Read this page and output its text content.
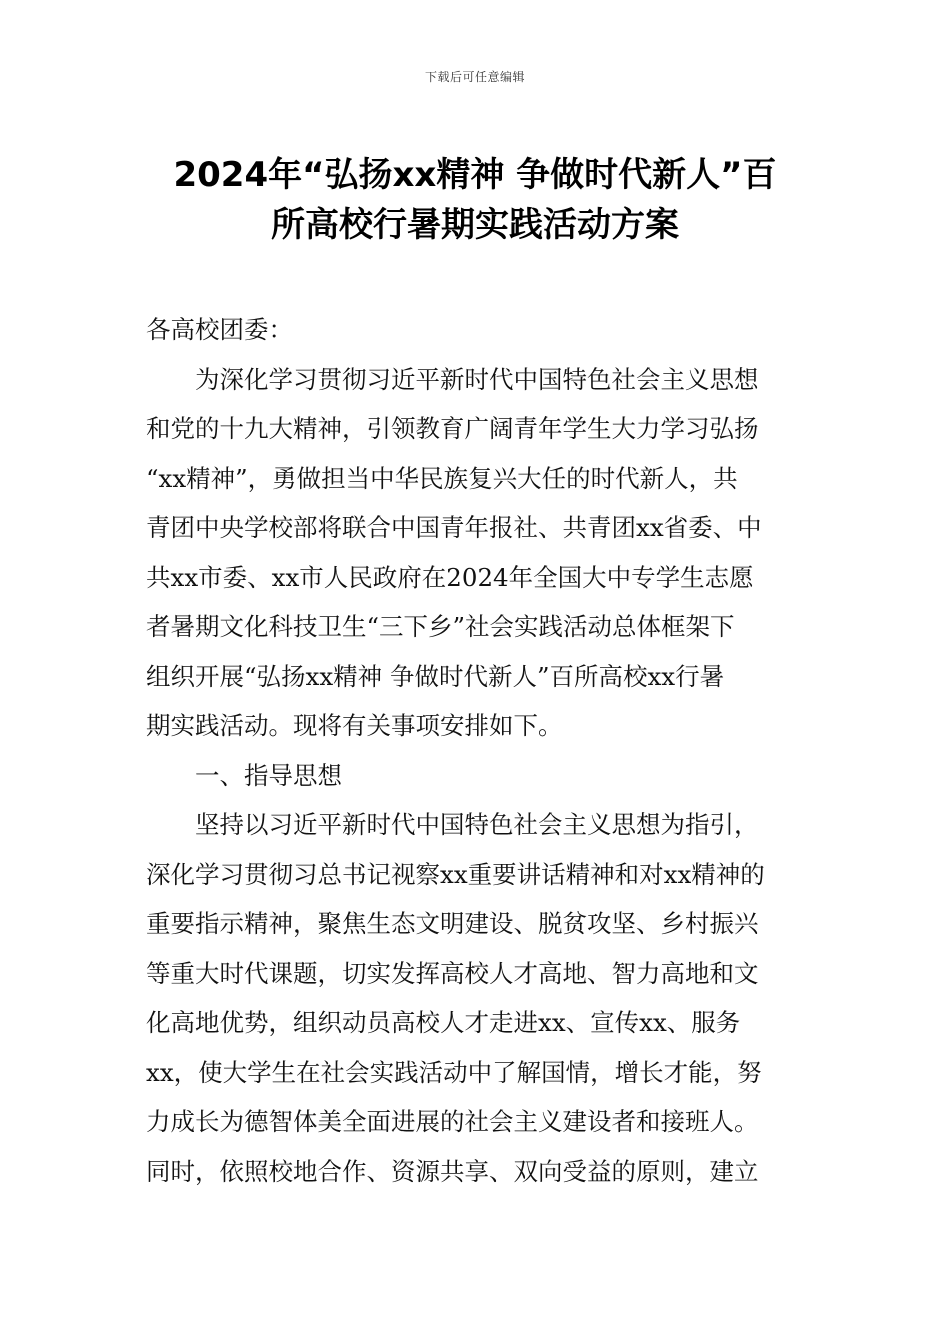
下载后可任意编辑
2024年“弘扬xx精神 争做时代新人”百
所高校行暑期实践活动方案
各高校团委：
为深化学习贯彻习近平新时代中国特色社会主义思想
和党的十九大精神，引领教育广阔青年学生大力学习弘扬
“xx精神”，勇做担当中华民族复兴大任的时代新人，共
青团中央学校部将联合中国青年报社、共青团xx省委、中
共xx市委、xx市人民政府在2024年全国大中专学生志愿
者暑期文化科技卫生“三下乡”社会实践活动总体框架下
组织开展“弘扬xx精神 争做时代新人”百所高校xx行暑
期实践活动。现将有关事项安排如下。
一、指导思想
坚持以习近平新时代中国特色社会主义思想为指引，
深化学习贯彻习总书记视察xx重要讲话精神和对xx精神的
重要指示精神，聚焦生态文明建设、脱贫攻坚、乡村振兴
等重大时代课题，切实发挥高校人才高地、智力高地和文
化高地优势，组织动员高校人才走进xx、宣传xx、服务
xx，使大学生在社会实践活动中了解国情，增长才能，努
力成长为德智体美全面进展的社会主义建设者和接班人。
同时，依照校地合作、资源共享、双向受益的原则，建立
